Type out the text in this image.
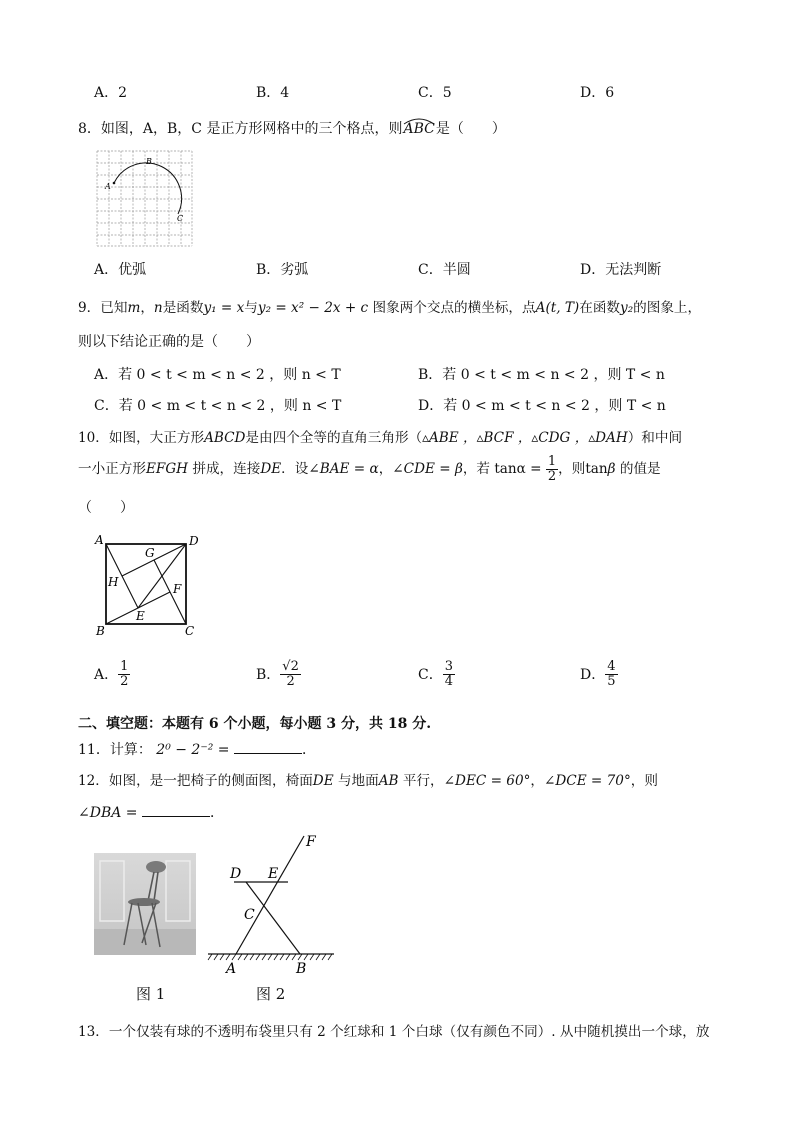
A．2	B．4	C．5	D．6
8．如图，A，B，C 是正方形网格中的三个格点，则
ABC是（　　）
A
B
C
A．优弧	B．劣弧	C．半圆	D．无法判断
9．已知m，n是函数y₁ = x与y₂ = x² − 2x + c 图象两个交点的横坐标，点A(t, T)在函数y₂的图象上，
则以下结论正确的是（　　）
A．若 0 < t < m < n < 2 ，则 n < T	B．若 0 < t < m < n < 2 ，则 T < n
C．若 0 < m < t < n < 2 ，则 n < T	D．若 0 < m < t < n < 2 ，则 T < n
10．如图，大正方形ABCD是由四个全等的直角三角形（▵ABE ，▵BCF ，▵CDG ，▵DAH）和中间
一小正方形EFGH 拼成，连接DE．设∠BAE = α，∠CDE = β，若 $\tan\alpha = \frac{1}{2}$ ，则tanβ 的值是
（　　）
A	D
B	C
G
H	F
E
A． $\frac{1}{2}$	B． $\frac{√2}{2}$	C． $\frac{3}{4}$	D． $\frac{4}{5}$
二、填空题：本题有 6 个小题，每小题 3 分，共 18 分.
11．计算： 2⁰ − 2⁻² =	．
12．如图，是一把椅子的侧面图，椅面DE 与地面AB 平行，∠DEC = 60°，∠DCE = 70°，则
∠DBA =	．
F
D E
C
A	B
图 1	图 2
13．一个仅装有球的不透明布袋里只有 2 个红球和 1 个白球（仅有颜色不同）. 从中随机摸出一个球，放
